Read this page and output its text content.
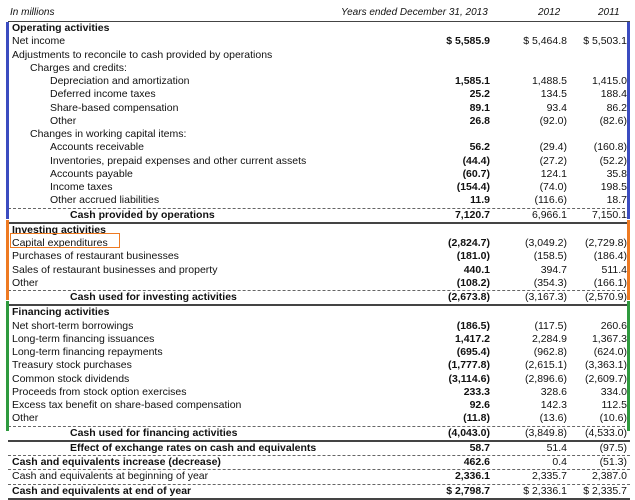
In millions	Years ended December 31, 2013	2012	2011
Operating activities
Net income	$ 5,585.9	$ 5,464.8	$ 5,503.1
Adjustments to reconcile to cash provided by operations
Charges and credits:
Depreciation and amortization	1,585.1	1,488.5	1,415.0
Deferred income taxes	25.2	134.5	188.4
Share-based compensation	89.1	93.4	86.2
Other	26.8	(92.0)	(82.6)
Changes in working capital items:
Accounts receivable	56.2	(29.4)	(160.8)
Inventories, prepaid expenses and other current assets	(44.4)	(27.2)	(52.2)
Accounts payable	(60.7)	124.1	35.8
Income taxes	(154.4)	(74.0)	198.5
Other accrued liabilities	11.9	(116.6)	18.7
Cash provided by operations	7,120.7	6,966.1	7,150.1
Investing activities
Capital expenditures	(2,824.7)	(3,049.2)	(2,729.8)
Purchases of restaurant businesses	(181.0)	(158.5)	(186.4)
Sales of restaurant businesses and property	440.1	394.7	511.4
Other	(108.2)	(354.3)	(166.1)
Cash used for investing activities	(2,673.8)	(3,167.3)	(2,570.9)
Financing activities
Net short-term borrowings	(186.5)	(117.5)	260.6
Long-term financing issuances	1,417.2	2,284.9	1,367.3
Long-term financing repayments	(695.4)	(962.8)	(624.0)
Treasury stock purchases	(1,777.8)	(2,615.1)	(3,363.1)
Common stock dividends	(3,114.6)	(2,896.6)	(2,609.7)
Proceeds from stock option exercises	233.3	328.6	334.0
Excess tax benefit on share-based compensation	92.6	142.3	112.5
Other	(11.8)	(13.6)	(10.6)
Cash used for financing activities	(4,043.0)	(3,849.8)	(4,533.0)
Effect of exchange rates on cash and equivalents	58.7	51.4	(97.5)
Cash and equivalents increase (decrease)	462.6	0.4	(51.3)
Cash and equivalents at beginning of year	2,336.1	2,335.7	2,387.0
Cash and equivalents at end of year	$ 2,798.7	$ 2,336.1	$ 2,335.7
